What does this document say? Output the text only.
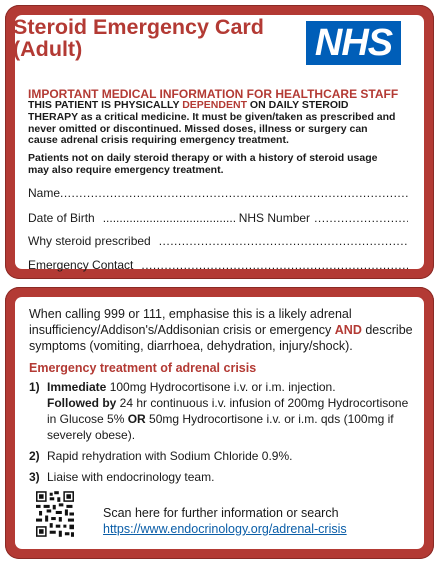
Steroid Emergency Card (Adult)	NHS
IMPORTANT MEDICAL INFORMATION FOR HEALTHCARE STAFF
THIS PATIENT IS PHYSICALLY DEPENDENT ON DAILY STEROID THERAPY as a critical medicine. It must be given/taken as prescribed and never omitted or discontinued. Missed doses, illness or surgery can cause adrenal crisis requiring emergency treatment.
Patients not on daily steroid therapy or with a history of steroid usage may also require emergency treatment.
Name
.....
Date of Birth
.....	NHS Number
.....
Why steroid prescribed
.....
Emergency Contact
.....
When calling 999 or 111, emphasise this is a likely adrenal insufficiency/Addison's/Addisonian crisis or emergency AND describe symptoms (vomiting, diarrhoea, dehydration, injury/shock).
Emergency treatment of adrenal crisis
1) Immediate 100mg Hydrocortisone i.v. or i.m. injection.
Followed by 24 hr continuous i.v. infusion of 200mg Hydrocortisone in Glucose 5% OR 50mg Hydrocortisone i.v. or i.m. qds (100mg if severely obese).
2) Rapid rehydration with Sodium Chloride 0.9%.
3) Liaise with endocrinology team.
Scan here for further information or search
https://www.endocrinology.org/adrenal-crisis
